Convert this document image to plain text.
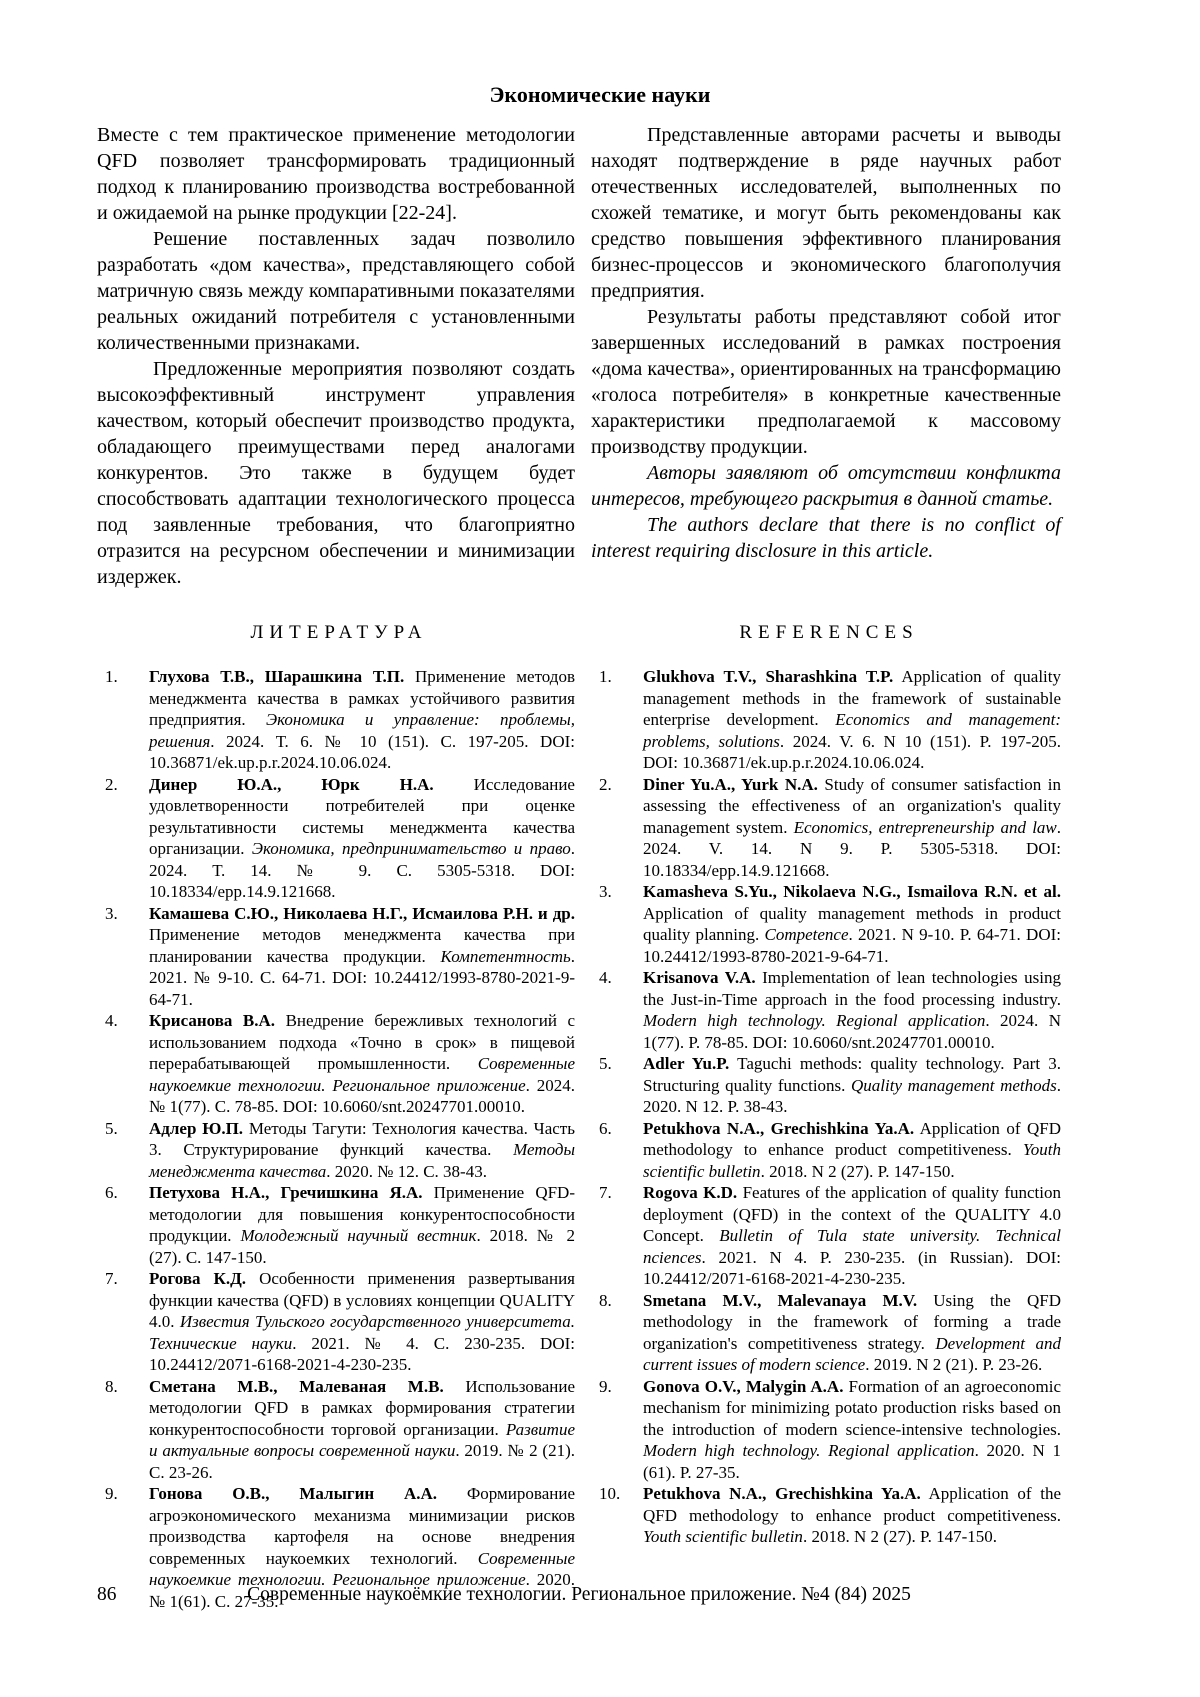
Экономические науки

Вместе с тем практическое применение методологии QFD позволяет трансформировать традиционный подход к планированию производства востребованной и ожидаемой на рынке продукции [22-24].

Решение поставленных задач позволило разработать «дом качества», представляющего собой матричную связь между компаративными показателями реальных ожиданий потребителя с установленными количественными признаками.

Предложенные мероприятия позволяют создать высокоэффективный инструмент управления качеством, который обеспечит производство продукта, обладающего преимуществами перед аналогами конкурентов. Это также в будущем будет способствовать адаптации технологического процесса под заявленные требования, что благоприятно отразится на ресурсном обеспечении и минимизации издержек.

Представленные авторами расчеты и выводы находят подтверждение в ряде научных работ отечественных исследователей, выполненных по схожей тематике, и могут быть рекомендованы как средство повышения эффективного планирования бизнес-процессов и экономического благополучия предприятия.

Результаты работы представляют собой итог завершенных исследований в рамках построения «дома качества», ориентированных на трансформацию «голоса потребителя» в конкретные качественные характеристики предполагаемой к массовому производству продукции.

Авторы заявляют об отсутствии конфликта интересов, требующего раскрытия в данной статье.

The authors declare that there is no conflict of interest requiring disclosure in this article.

ЛИТЕРАТУРА	REFERENCES
1. Глухова Т.В., Шарашкина Т.П. Применение методов менеджмента качества в рамках устойчивого развития предприятия. Экономика и управление: проблемы, решения. 2024. Т. 6. № 10 (151). С. 197-205. DOI: 10.36871/ek.up.p.r.2024.10.06.024.
2. Динер Ю.А., Юрк Н.А. Исследование удовлетворенности потребителей при оценке результативности системы менеджмента качества организации. Экономика, предпринимательство и право. 2024. Т. 14. № 9. С. 5305-5318. DOI: 10.18334/epp.14.9.121668.
3. Камашева С.Ю., Николаева Н.Г., Исмаилова Р.Н. и др. Применение методов менеджмента качества при планировании качества продукции. Компетентность. 2021. № 9-10. С. 64-71. DOI: 10.24412/1993-8780-2021-9-64-71.
4. Крисанова В.А. Внедрение бережливых технологий с использованием подхода «Точно в срок» в пищевой перерабатывающей промышленности. Современные наукоемкие технологии. Региональное приложение. 2024. № 1(77). С. 78-85. DOI: 10.6060/snt.20247701.00010.
5. Адлер Ю.П. Методы Тагути: Технология качества. Часть 3. Структурирование функций качества. Методы менеджмента качества. 2020. № 12. С. 38-43.
6. Петухова Н.А., Гречишкина Я.А. Применение QFD-методологии для повышения конкурентоспособности продукции. Молодежный научный вестник. 2018. № 2 (27). С. 147-150.
7. Рогова К.Д. Особенности применения развертывания функции качества (QFD) в условиях концепции QUALITY 4.0. Известия Тульского государственного университета. Технические науки. 2021. № 4. С. 230-235. DOI: 10.24412/2071-6168-2021-4-230-235.
8. Сметана М.В., Малеваная М.В. Использование методологии QFD в рамках формирования стратегии конкурентоспособности торговой организации. Развитие и актуальные вопросы современной науки. 2019. № 2 (21). С. 23-26.
9. Гонова О.В., Малыгин А.А. Формирование агроэкономического механизма минимизации рисков производства картофеля на основе внедрения современных наукоемких технологий. Современные наукоемкие технологии. Региональное приложение. 2020. № 1(61). С. 27-35.
1. Glukhova T.V., Sharashkina T.P. Application of quality management methods in the framework of sustainable enterprise development. Economics and management: problems, solutions. 2024. V. 6. N 10 (151). P. 197-205. DOI: 10.36871/ek.up.p.r.2024.10.06.024.
2. Diner Yu.A., Yurk N.A. Study of consumer satisfaction in assessing the effectiveness of an organization's quality management system. Economics, entrepreneurship and law. 2024. V. 14. N 9. P. 5305-5318. DOI: 10.18334/epp.14.9.121668.
3. Kamasheva S.Yu., Nikolaeva N.G., Ismailova R.N. et al. Application of quality management methods in product quality planning. Competence. 2021. N 9-10. P. 64-71. DOI: 10.24412/1993-8780-2021-9-64-71.
4. Krisanova V.A. Implementation of lean technologies using the Just-in-Time approach in the food processing industry. Modern high technology. Regional application. 2024. N 1(77). P. 78-85. DOI: 10.6060/snt.20247701.00010.
5. Adler Yu.P. Taguchi methods: quality technology. Part 3. Structuring quality functions. Quality management methods. 2020. N 12. P. 38-43.
6. Petukhova N.A., Grechishkina Ya.A. Application of QFD methodology to enhance product competitiveness. Youth scientific bulletin. 2018. N 2 (27). P. 147-150.
7. Rogova K.D. Features of the application of quality function deployment (QFD) in the context of the QUALITY 4.0 Concept. Bulletin of Tula state university. Technical nciences. 2021. N 4. P. 230-235. (in Russian). DOI: 10.24412/2071-6168-2021-4-230-235.
8. Smetana M.V., Malevanaya M.V. Using the QFD methodology in the framework of forming a trade organization's competitiveness strategy. Development and current issues of modern science. 2019. N 2 (21). P. 23-26.
9. Gonova O.V., Malygin A.A. Formation of an agroeconomic mechanism for minimizing potato production risks based on the introduction of modern science-intensive technologies. Modern high technology. Regional application. 2020. N 1 (61). P. 27-35.
10. Petukhova N.A., Grechishkina Ya.A. Application of the QFD methodology to enhance product competitiveness. Youth scientific bulletin. 2018. N 2 (27). P. 147-150.
86	Современные наукоёмкие технологии. Региональное приложение. №4 (84) 2025
